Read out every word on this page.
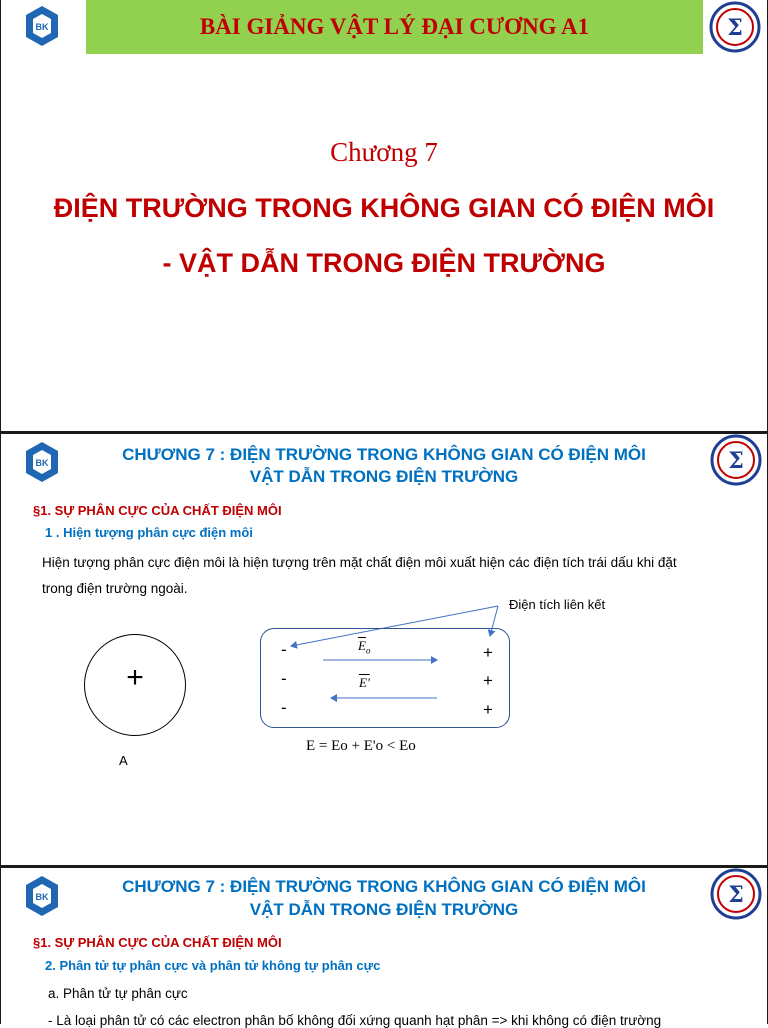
BK	BÀI GIẢNG VẬT LÝ ĐẠI CƯƠNG A1	Σ
Chương 7
ĐIỆN TRƯỜNG TRONG KHÔNG GIAN CÓ ĐIỆN MÔI
- VẬT DẪN TRONG ĐIỆN TRƯỜNG
BK	Σ
CHƯƠNG 7 : ĐIỆN TRƯỜNG TRONG KHÔNG GIAN CÓ ĐIỆN MÔI
VẬT DẪN TRONG ĐIỆN TRƯỜNG
§1. SỰ PHÂN CỰC CỦA CHẤT ĐIỆN MÔI
1 . Hiện tượng phân cực điện môi
Hiện tượng phân cực điện môi là hiện tượng trên mặt chất điện môi xuất hiện các điện tích trái dấu khi đặt
trong điện trường ngoài.
Điện tích liên kết
+
A
-
-
-
+
+
+
$\overline{E}_o$
E'
E = Eo + E'o < Eo
BK	Σ
CHƯƠNG 7 : ĐIỆN TRƯỜNG TRONG KHÔNG GIAN CÓ ĐIỆN MÔI
VẬT DẪN TRONG ĐIỆN TRƯỜNG
§1. SỰ PHÂN CỰC CỦA CHẤT ĐIỆN MÔI
2. Phân tử tự phân cực và phân tử không tự phân cực
a. Phân tử tự phân cực
- Là loại phân tử có các electron phân bố không đối xứng quanh hạt phân => khi không có điện trường
